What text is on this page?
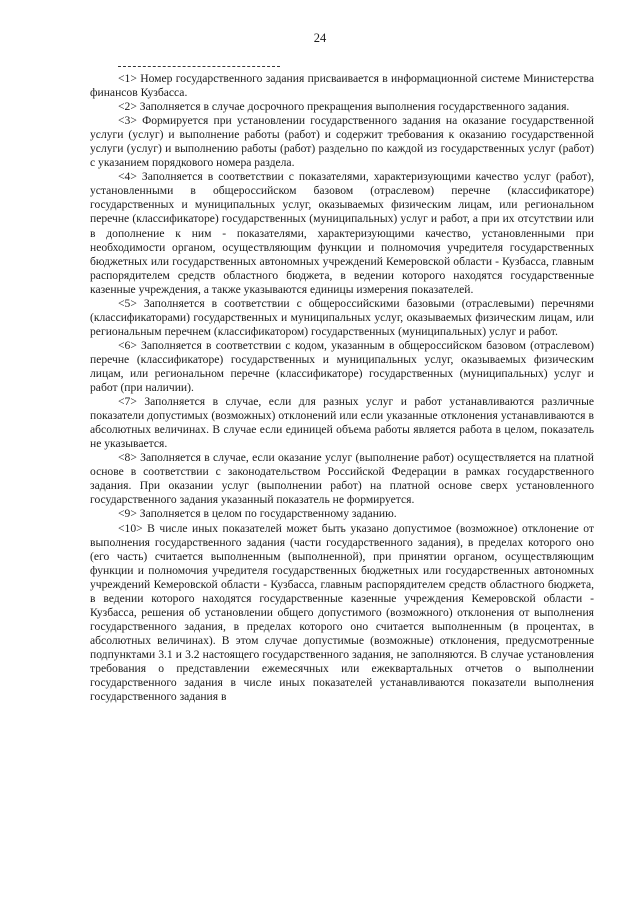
24

<1> Номер государственного задания присваивается в информационной системе Министерства финансов Кузбасса.

<2> Заполняется в случае досрочного прекращения выполнения государственного задания.

<3> Формируется при установлении государственного задания на оказание государственной услуги (услуг) и выполнение работы (работ) и содержит требования к оказанию государственной услуги (услуг) и выполнению работы (работ) раздельно по каждой из государственных услуг (работ) с указанием порядкового номера раздела.

<4> Заполняется в соответствии с показателями, характеризующими качество услуг (работ), установленными в общероссийском базовом (отраслевом) перечне (классификаторе) государственных и муниципальных услуг, оказываемых физическим лицам, или региональном перечне (классификаторе) государственных (муниципальных) услуг и работ, а при их отсутствии или в дополнение к ним - показателями, характеризующими качество, установленными при необходимости органом, осуществляющим функции и полномочия учредителя государственных бюджетных или государственных автономных учреждений Кемеровской области - Кузбасса, главным распорядителем средств областного бюджета, в ведении которого находятся государственные казенные учреждения, а также указываются единицы измерения показателей.

<5> Заполняется в соответствии с общероссийскими базовыми (отраслевыми) перечнями (классификаторами) государственных и муниципальных услуг, оказываемых физическим лицам, или региональным перечнем (классификатором) государственных (муниципальных) услуг и работ.

<6> Заполняется в соответствии с кодом, указанным в общероссийском базовом (отраслевом) перечне (классификаторе) государственных и муниципальных услуг, оказываемых физическим лицам, или региональном перечне (классификаторе) государственных (муниципальных) услуг и работ (при наличии).

<7> Заполняется в случае, если для разных услуг и работ устанавливаются различные показатели допустимых (возможных) отклонений или если указанные отклонения устанавливаются в абсолютных величинах. В случае если единицей объема работы является работа в целом, показатель не указывается.

<8> Заполняется в случае, если оказание услуг (выполнение работ) осуществляется на платной основе в соответствии с законодательством Российской Федерации в рамках государственного задания. При оказании услуг (выполнении работ) на платной основе сверх установленного государственного задания указанный показатель не формируется.

<9> Заполняется в целом по государственному заданию.

<10> В числе иных показателей может быть указано допустимое (возможное) отклонение от выполнения государственного задания (части государственного задания), в пределах которого оно (его часть) считается выполненным (выполненной), при принятии органом, осуществляющим функции и полномочия учредителя государственных бюджетных или государственных автономных учреждений Кемеровской области - Кузбасса, главным распорядителем средств областного бюджета, в ведении которого находятся государственные казенные учреждения Кемеровской области - Кузбасса, решения об установлении общего допустимого (возможного) отклонения от выполнения государственного задания, в пределах которого оно считается выполненным (в процентах, в абсолютных величинах). В этом случае допустимые (возможные) отклонения, предусмотренные подпунктами 3.1 и 3.2 настоящего государственного задания, не заполняются. В случае установления требования о представлении ежемесячных или ежеквартальных отчетов о выполнении государственного задания в числе иных показателей устанавливаются показатели выполнения государственного задания в
